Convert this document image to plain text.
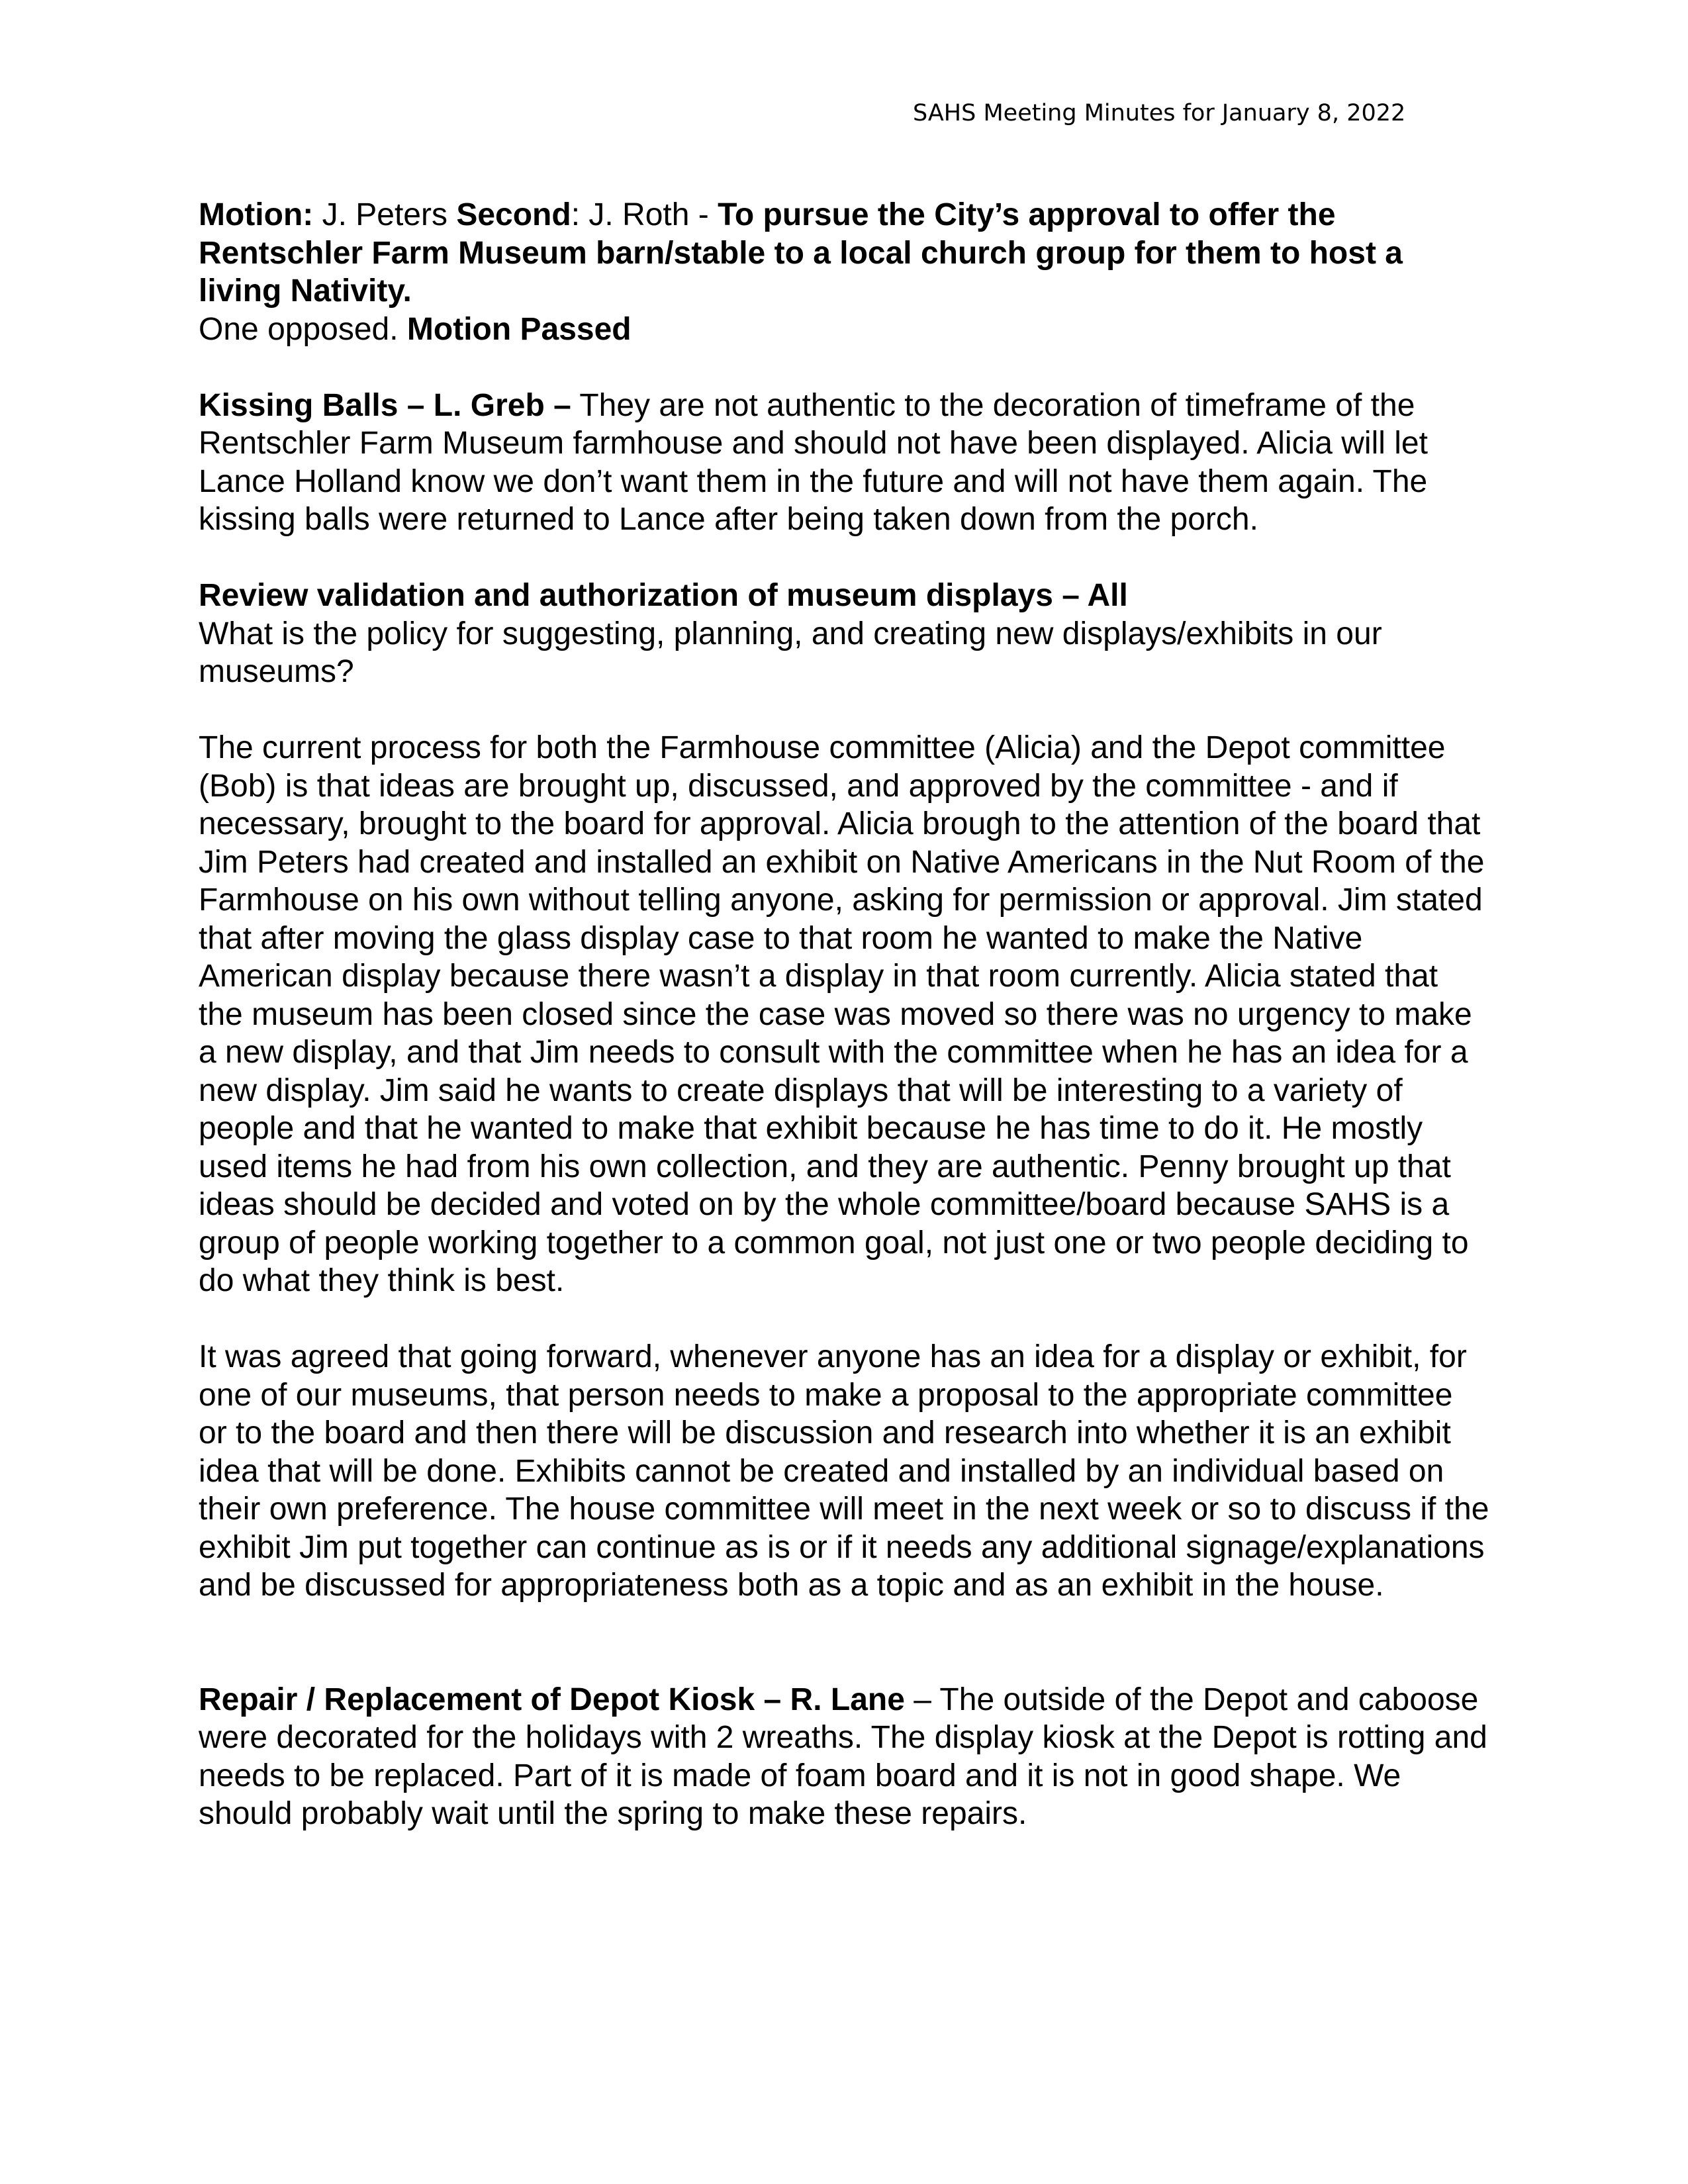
SAHS Meeting Minutes for January 8, 2022

Motion: J. Peters Second: J. Roth - To pursue the City’s approval to offer the Rentschler Farm Museum barn/stable to a local church group for them to host a living Nativity.

One opposed. Motion Passed

Kissing Balls – L. Greb – They are not authentic to the decoration of timeframe of the Rentschler Farm Museum farmhouse and should not have been displayed. Alicia will let Lance Holland know we don’t want them in the future and will not have them again. The kissing balls were returned to Lance after being taken down from the porch.

Review validation and authorization of museum displays – All

What is the policy for suggesting, planning, and creating new displays/exhibits in our museums?

The current process for both the Farmhouse committee (Alicia) and the Depot committee (Bob) is that ideas are brought up, discussed, and approved by the committee - and if necessary, brought to the board for approval. Alicia brough to the attention of the board that Jim Peters had created and installed an exhibit on Native Americans in the Nut Room of the Farmhouse on his own without telling anyone, asking for permission or approval. Jim stated that after moving the glass display case to that room he wanted to make the Native American display because there wasn’t a display in that room currently. Alicia stated that the museum has been closed since the case was moved so there was no urgency to make a new display, and that Jim needs to consult with the committee when he has an idea for a new display. Jim said he wants to create displays that will be interesting to a variety of people and that he wanted to make that exhibit because he has time to do it. He mostly used items he had from his own collection, and they are authentic. Penny brought up that ideas should be decided and voted on by the whole committee/board because SAHS is a group of people working together to a common goal, not just one or two people deciding to do what they think is best.

It was agreed that going forward, whenever anyone has an idea for a display or exhibit, for one of our museums, that person needs to make a proposal to the appropriate committee or to the board and then there will be discussion and research into whether it is an exhibit idea that will be done. Exhibits cannot be created and installed by an individual based on their own preference. The house committee will meet in the next week or so to discuss if the exhibit Jim put together can continue as is or if it needs any additional signage/explanations and be discussed for appropriateness both as a topic and as an exhibit in the house.

Repair / Replacement of Depot Kiosk – R. Lane – The outside of the Depot and caboose were decorated for the holidays with 2 wreaths. The display kiosk at the Depot is rotting and needs to be replaced. Part of it is made of foam board and it is not in good shape. We should probably wait until the spring to make these repairs.
